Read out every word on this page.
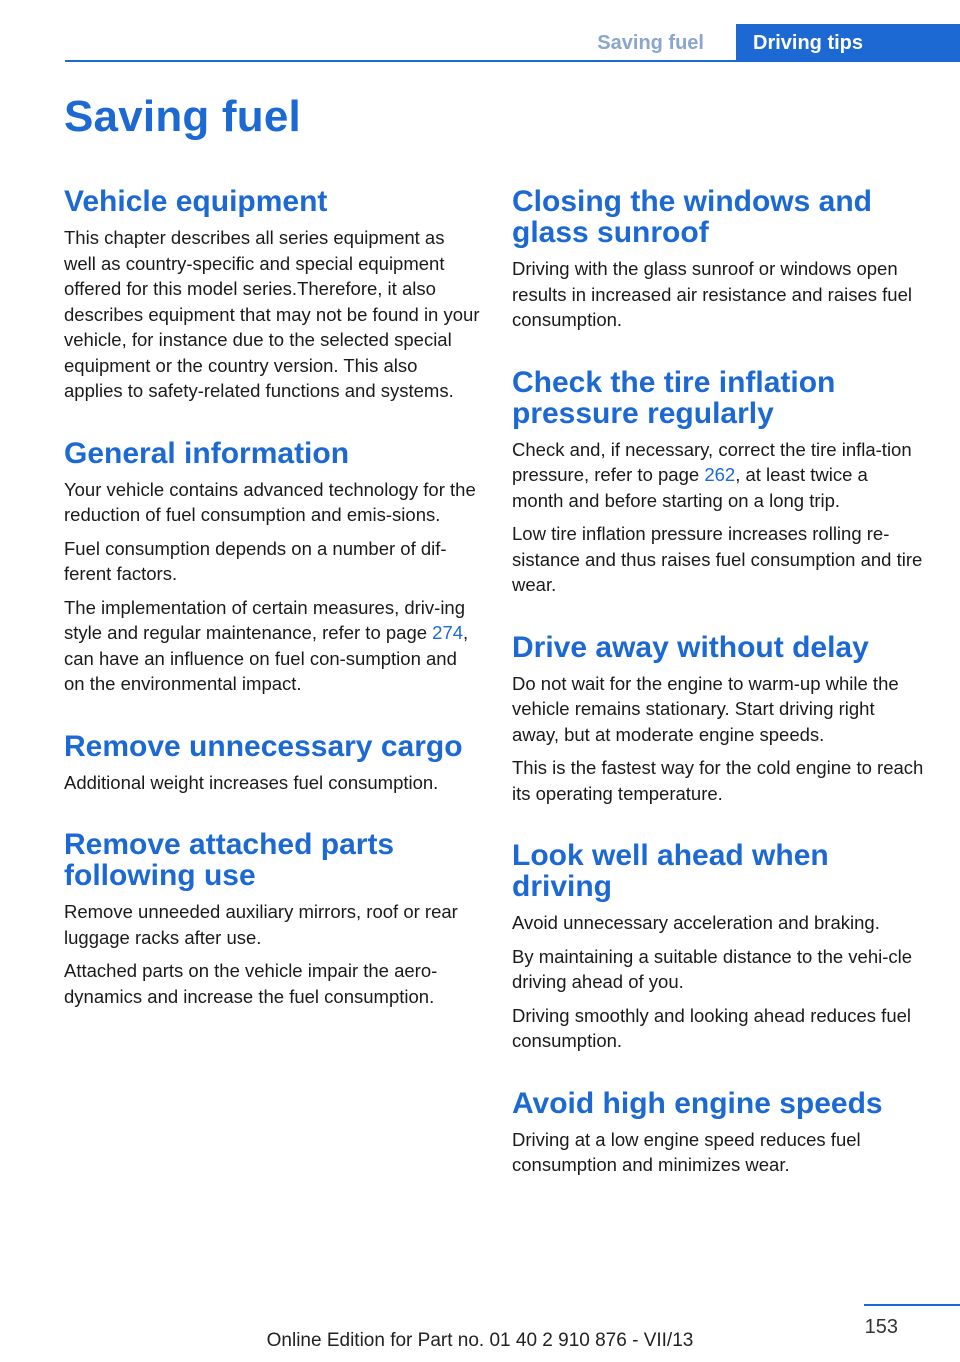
Saving fuel	Driving tips
Saving fuel
Vehicle equipment

This chapter describes all series equipment as well as country-specific and special equipment offered for this model series.Therefore, it also describes equipment that may not be found in your vehicle, for instance due to the selected special equipment or the country version. This also applies to safety-related functions and systems.

General information

Your vehicle contains advanced technology for the reduction of fuel consumption and emis‐sions.

Fuel consumption depends on a number of dif‐ferent factors.

The implementation of certain measures, driv‐ing style and regular maintenance, refer to page 274, can have an influence on fuel con‐sumption and on the environmental impact.

Remove unnecessary cargo

Additional weight increases fuel consumption.

Remove attached parts following use

Remove unneeded auxiliary mirrors, roof or rear luggage racks after use.

Attached parts on the vehicle impair the aero‐dynamics and increase the fuel consumption.

Closing the windows and glass sunroof

Driving with the glass sunroof or windows open results in increased air resistance and raises fuel consumption.

Check the tire inflation pressure regularly

Check and, if necessary, correct the tire infla‐tion pressure, refer to page 262, at least twice a month and before starting on a long trip.

Low tire inflation pressure increases rolling re‐sistance and thus raises fuel consumption and tire wear.

Drive away without delay

Do not wait for the engine to warm-up while the vehicle remains stationary. Start driving right away, but at moderate engine speeds.

This is the fastest way for the cold engine to reach its operating temperature.

Look well ahead when driving

Avoid unnecessary acceleration and braking.

By maintaining a suitable distance to the vehi‐cle driving ahead of you.

Driving smoothly and looking ahead reduces fuel consumption.

Avoid high engine speeds

Driving at a low engine speed reduces fuel consumption and minimizes wear.

153
Online Edition for Part no. 01 40 2 910 876 - VII/13
